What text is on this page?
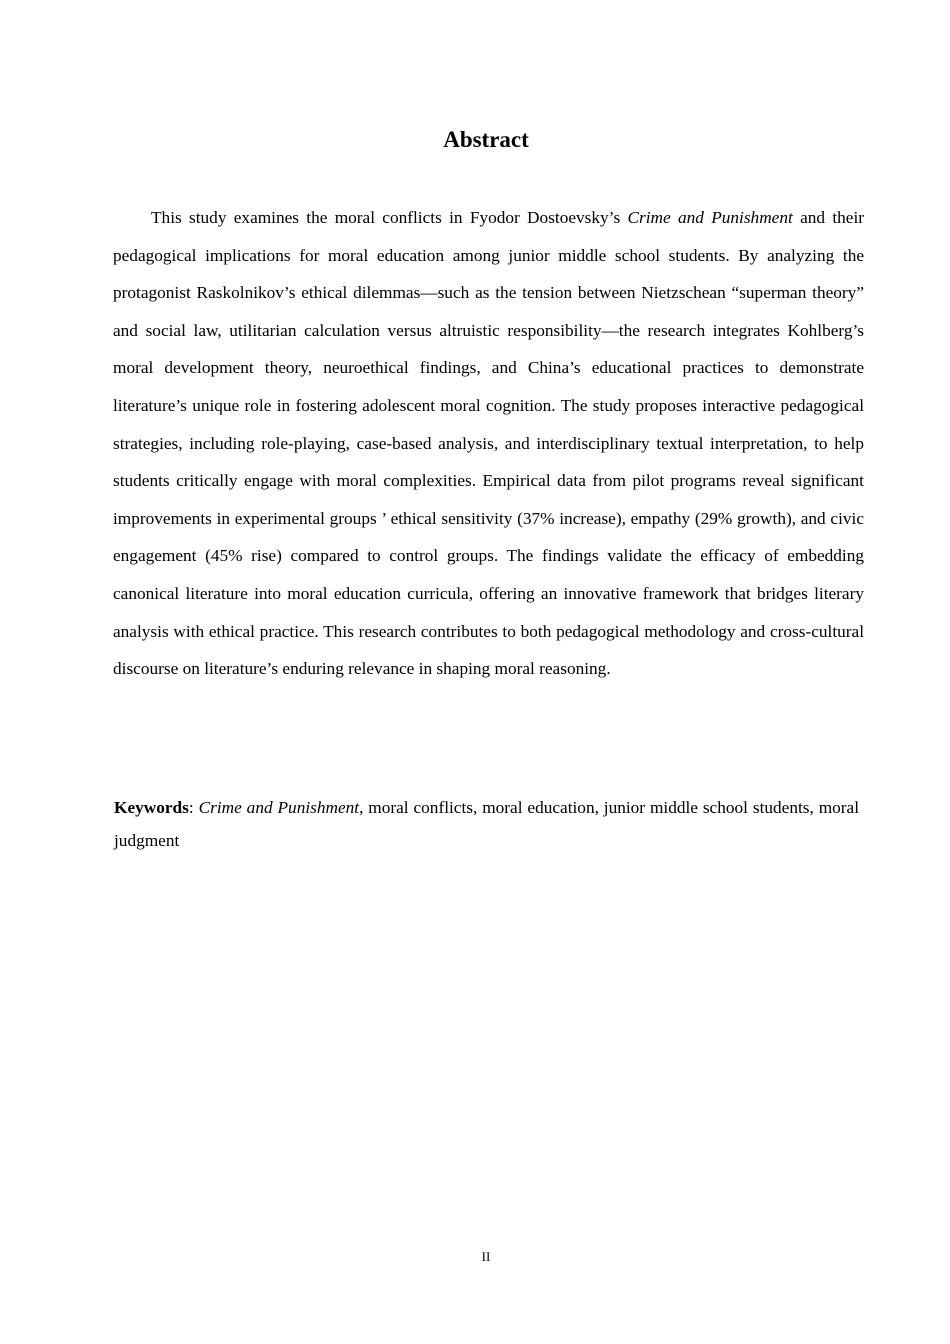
Abstract

This study examines the moral conflicts in Fyodor Dostoevsky’s Crime and Punishment and their pedagogical implications for moral education among junior middle school students. By analyzing the protagonist Raskolnikov’s ethical dilemmas—such as the tension between Nietzschean “superman theory” and social law, utilitarian calculation versus altruistic responsibility—the research integrates Kohlberg’s moral development theory, neuroethical findings, and China’s educational practices to demonstrate literature’s unique role in fostering adolescent moral cognition. The study proposes interactive pedagogical strategies, including role-playing, case-based analysis, and interdisciplinary textual interpretation, to help students critically engage with moral complexities. Empirical data from pilot programs reveal significant improvements in experimental groups ’ ethical sensitivity (37% increase), empathy (29% growth), and civic engagement (45% rise) compared to control groups. The findings validate the efficacy of embedding canonical literature into moral education curricula, offering an innovative framework that bridges literary analysis with ethical practice. This research contributes to both pedagogical methodology and cross-cultural discourse on literature’s enduring relevance in shaping moral reasoning.

Keywords: Crime and Punishment, moral conflicts, moral education, junior middle school students, moral judgment

II
